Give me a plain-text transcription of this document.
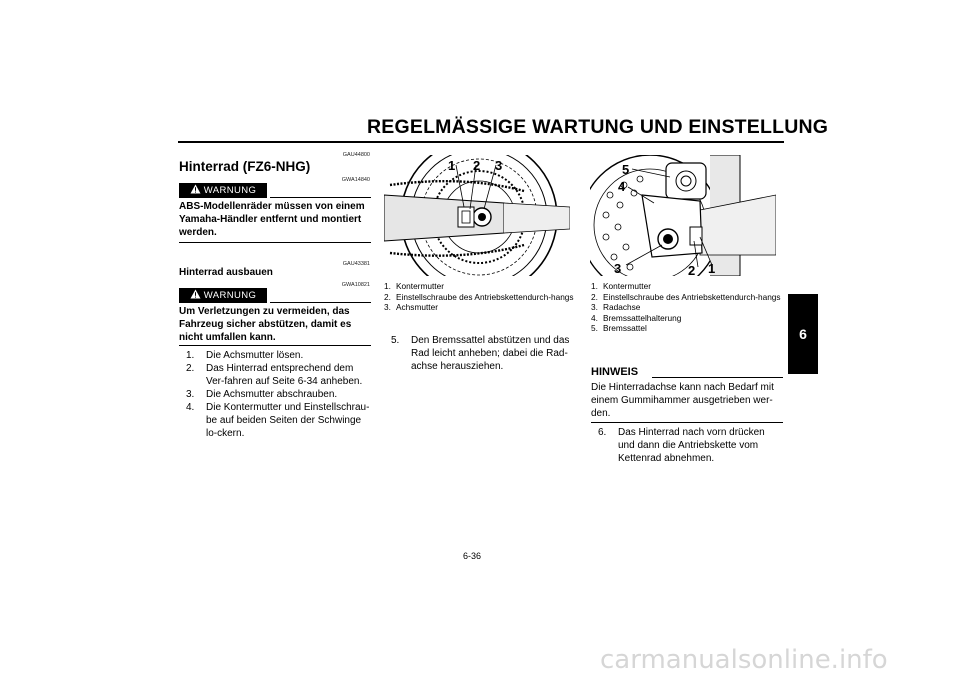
REGELMÄSSIGE WARTUNG UND EINSTELLUNG
6
GAU44800
Hinterrad (FZ6-NHG)
WARNUNG
GWA14840
ABS-Modellenräder müssen von einem Yamaha-Händler entfernt und montiert werden.
GAU43381
Hinterrad ausbauen
WARNUNG
GWA10821
Um Verletzungen zu vermeiden, das Fahrzeug sicher abstützen, damit es nicht umfallen kann.
1.	Die Achsmutter lösen.
2.	Das Hinterrad entsprechend dem Ver-fahren auf Seite 6-34 anheben.
3.	Die Achsmutter abschrauben.
4.	Die Kontermutter und Einstellschrau-be auf beiden Seiten der Schwinge lo-ckern.
1 2 3
1. Kontermutter
2. Einstellschraube des Antriebskettendurch-hangs
3. Achsmutter
5.	Den Bremssattel abstützen und das Rad leicht anheben; dabei die Rad-achse herausziehen.
5
4
3	2 1
1. Kontermutter
2. Einstellschraube des Antriebskettendurch-hangs
3. Radachse
4. Bremssattelhalterung
5. Bremssattel
HINWEIS
Die Hinterradachse kann nach Bedarf mit einem Gummihammer ausgetrieben wer-den.
6.	Das Hinterrad nach vorn drücken und dann die Antriebskette vom Kettenrad abnehmen.
6-36
carmanualsonline.info
